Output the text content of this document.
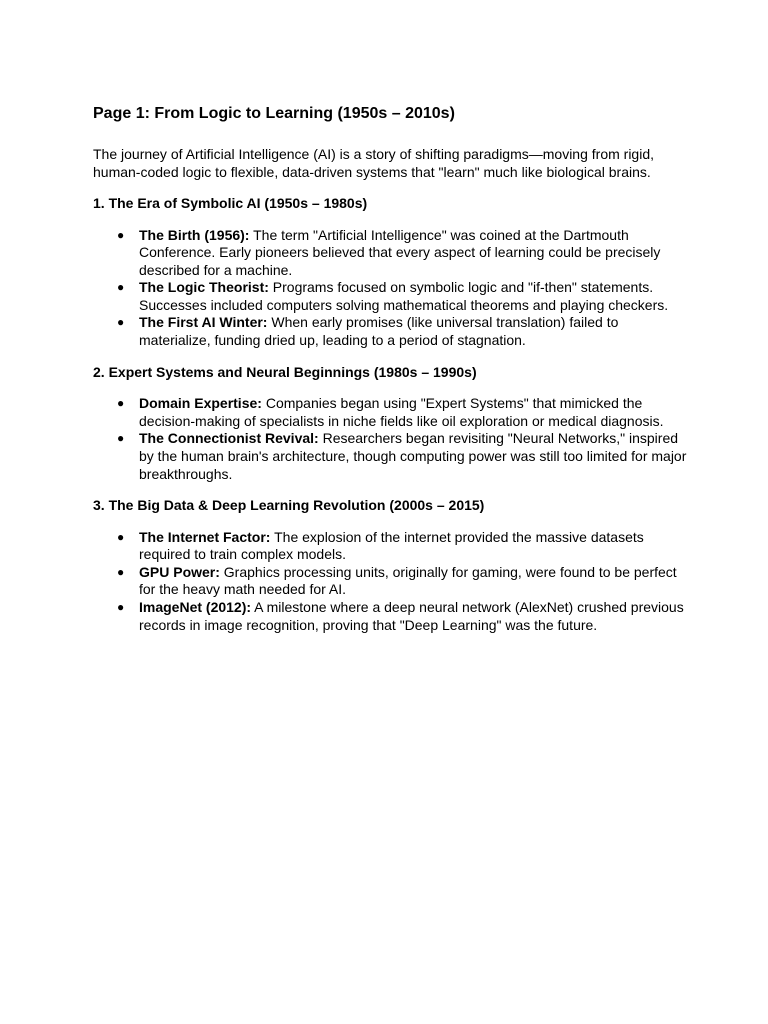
Page 1: From Logic to Learning (1950s – 2010s)

The journey of Artificial Intelligence (AI) is a story of shifting paradigms—moving from rigid, human-coded logic to flexible, data-driven systems that "learn" much like biological brains.

1. The Era of Symbolic AI (1950s – 1980s)
● The Birth (1956): The term "Artificial Intelligence" was coined at the Dartmouth Conference. Early pioneers believed that every aspect of learning could be precisely described for a machine.
● The Logic Theorist: Programs focused on symbolic logic and "if-then" statements. Successes included computers solving mathematical theorems and playing checkers.
● The First AI Winter: When early promises (like universal translation) failed to materialize, funding dried up, leading to a period of stagnation.
2. Expert Systems and Neural Beginnings (1980s – 1990s)
● Domain Expertise: Companies began using "Expert Systems" that mimicked the decision-making of specialists in niche fields like oil exploration or medical diagnosis.
● The Connectionist Revival: Researchers began revisiting "Neural Networks," inspired by the human brain's architecture, though computing power was still too limited for major breakthroughs.
3. The Big Data & Deep Learning Revolution (2000s – 2015)
● The Internet Factor: The explosion of the internet provided the massive datasets required to train complex models.
● GPU Power: Graphics processing units, originally for gaming, were found to be perfect for the heavy math needed for AI.
● ImageNet (2012): A milestone where a deep neural network (AlexNet) crushed previous records in image recognition, proving that "Deep Learning" was the future.
